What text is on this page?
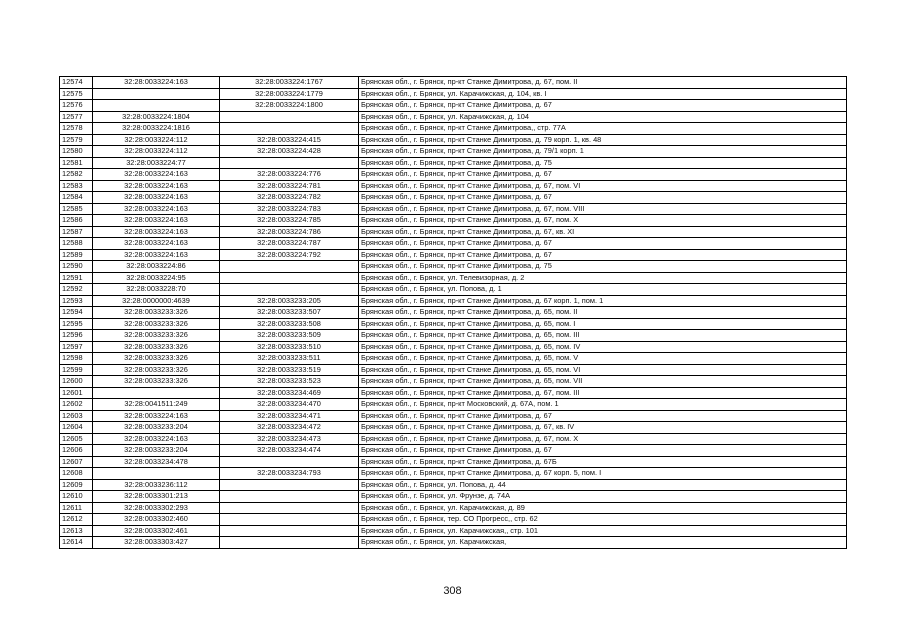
12574	32:28:0033224:163	32:28:0033224:1767	Брянская обл., г. Брянск, пр-кт Станке Димитрова, д. 67, пом. II
12575		32:28:0033224:1779	Брянская обл., г. Брянск, ул. Карачижская, д. 104, кв. I
12576		32:28:0033224:1800	Брянская обл., г. Брянск, пр-кт Станке Димитрова, д. 67
12577	32:28:0033224:1804		Брянская обл., г. Брянск, ул. Карачижская, д. 104
12578	32:28:0033224:1816		Брянская обл., г. Брянск, пр-кт Станке Димитрова,, стр. 77А
12579	32:28:0033224:112	32:28:0033224:415	Брянская обл., г. Брянск, пр-кт Станке Димитрова, д. 79 корп. 1, кв. 48
12580	32:28:0033224:112	32:28:0033224:428	Брянская обл., г. Брянск, пр-кт Станке Димитрова, д. 79/1 корп. 1
12581	32:28:0033224:77		Брянская обл., г. Брянск, пр-кт Станке Димитрова, д. 75
12582	32:28:0033224:163	32:28:0033224:776	Брянская обл., г. Брянск, пр-кт Станке Димитрова, д. 67
12583	32:28:0033224:163	32:28:0033224:781	Брянская обл., г. Брянск, пр-кт Станке Димитрова, д. 67, пом. VI
12584	32:28:0033224:163	32:28:0033224:782	Брянская обл., г. Брянск, пр-кт Станке Димитрова, д. 67
12585	32:28:0033224:163	32:28:0033224:783	Брянская обл., г. Брянск, пр-кт Станке Димитрова, д. 67, пом. VIII
12586	32:28:0033224:163	32:28:0033224:785	Брянская обл., г. Брянск, пр-кт Станке Димитрова, д. 67, пом. X
12587	32:28:0033224:163	32:28:0033224:786	Брянская обл., г. Брянск, пр-кт Станке Димитрова, д. 67, кв. XI
12588	32:28:0033224:163	32:28:0033224:787	Брянская обл., г. Брянск, пр-кт Станке Димитрова, д. 67
12589	32:28:0033224:163	32:28:0033224:792	Брянская обл., г. Брянск, пр-кт Станке Димитрова, д. 67
12590	32:28:0033224:86		Брянская обл., г. Брянск, пр-кт Станке Димитрова, д. 75
12591	32:28:0033224:95		Брянская обл., г. Брянск, ул. Телевизорная, д. 2
12592	32:28:0033228:70		Брянская обл., г. Брянск, ул. Попова, д. 1
12593	32:28:0000000:4639	32:28:0033233:205	Брянская обл., г. Брянск, пр-кт Станке Димитрова, д. 67 корп. 1, пом. 1
12594	32:28:0033233:326	32:28:0033233:507	Брянская обл., г. Брянск, пр-кт Станке Димитрова, д. 65, пом. II
12595	32:28:0033233:326	32:28:0033233:508	Брянская обл., г. Брянск, пр-кт Станке Димитрова, д. 65, пом. I
12596	32:28:0033233:326	32:28:0033233:509	Брянская обл., г. Брянск, пр-кт Станке Димитрова, д. 65, пом. III
12597	32:28:0033233:326	32:28:0033233:510	Брянская обл., г. Брянск, пр-кт Станке Димитрова, д. 65, пом. IV
12598	32:28:0033233:326	32:28:0033233:511	Брянская обл., г. Брянск, пр-кт Станке Димитрова, д. 65, пом. V
12599	32:28:0033233:326	32:28:0033233:519	Брянская обл., г. Брянск, пр-кт Станке Димитрова, д. 65, пом. VI
12600	32:28:0033233:326	32:28:0033233:523	Брянская обл., г. Брянск, пр-кт Станке Димитрова, д. 65, пом. VII
12601		32:28:0033234:469	Брянская обл., г. Брянск, пр-кт Станке Димитрова, д. 67, пом. III
12602	32:28:0041511:249	32:28:0033234:470	Брянская обл., г. Брянск, пр-кт Московский, д. 67А, пом. 1
12603	32:28:0033224:163	32:28:0033234:471	Брянская обл., г. Брянск, пр-кт Станке Димитрова, д. 67
12604	32:28:0033233:204	32:28:0033234:472	Брянская обл., г. Брянск, пр-кт Станке Димитрова, д. 67, кв. IV
12605	32:28:0033224:163	32:28:0033234:473	Брянская обл., г. Брянск, пр-кт Станке Димитрова, д. 67, пом. X
12606	32:28:0033233:204	32:28:0033234:474	Брянская обл., г. Брянск, пр-кт Станке Димитрова, д. 67
12607	32:28:0033234:478		Брянская обл., г. Брянск, пр-кт Станке Димитрова, д. 67Б
12608		32:28:0033234:793	Брянская обл., г. Брянск, пр-кт Станке Димитрова, д. 67 корп. 5, пом. I
12609	32:28:0033236:112		Брянская обл., г. Брянск, ул. Попова, д. 44
12610	32:28:0033301:213		Брянская обл., г. Брянск, ул. Фрунзе, д. 74А
12611	32:28:0033302:293		Брянская обл., г. Брянск, ул. Карачижская, д. 89
12612	32:28:0033302:460		Брянская обл., г. Брянск, тер. СО Прогресс,, стр. 62
12613	32:28:0033302:461		Брянская обл., г. Брянск, ул. Карачижская,, стр. 101
12614	32:28:0033303:427		Брянская обл., г. Брянск, ул. Карачижская,
308
